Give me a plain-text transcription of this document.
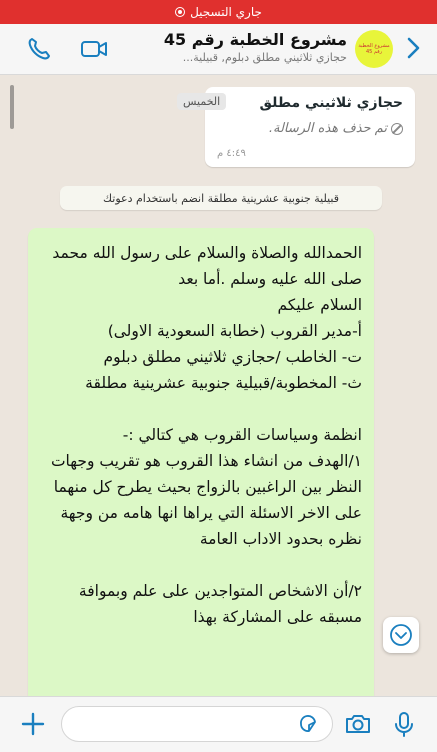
جاري التسجيل
مشروع الخطبة رقم 45
مشروع الخطبة رقم 45
حجازي ثلاثيني مطلق دبلوم, قبيلية...
حجازي ثلاثيني مطلق
الخميس
تم حذف هذه الرسالة.
٤:٤٩ م
قبيلية جنوبية عشرينية مطلقة انضم باستخدام دعوتك
الحمدالله والصلاة والسلام على رسول الله محمد صلى الله عليه وسلم .أما بعد
السلام عليكم
أ-مدير القروب (خطابة السعودية الاولى)
ت- الخاطب /حجازي ثلاثيني مطلق دبلوم
ث- المخطوبة/قبيلية جنوبية عشرينية مطلقة

انظمة وسياسات القروب هي كتالي :-
١/الهدف من انشاء هذا القروب هو تقريب وجهات النظر بين الراغبين بالزواج بحيث يطرح كل منهما على الاخر الاسئلة التي يراها انها هامه من وجهة نظره بحدود الاداب العامة

٢/أن الاشخاص المتواجدين على علم وبموافة مسبقه على المشاركة بهذا
